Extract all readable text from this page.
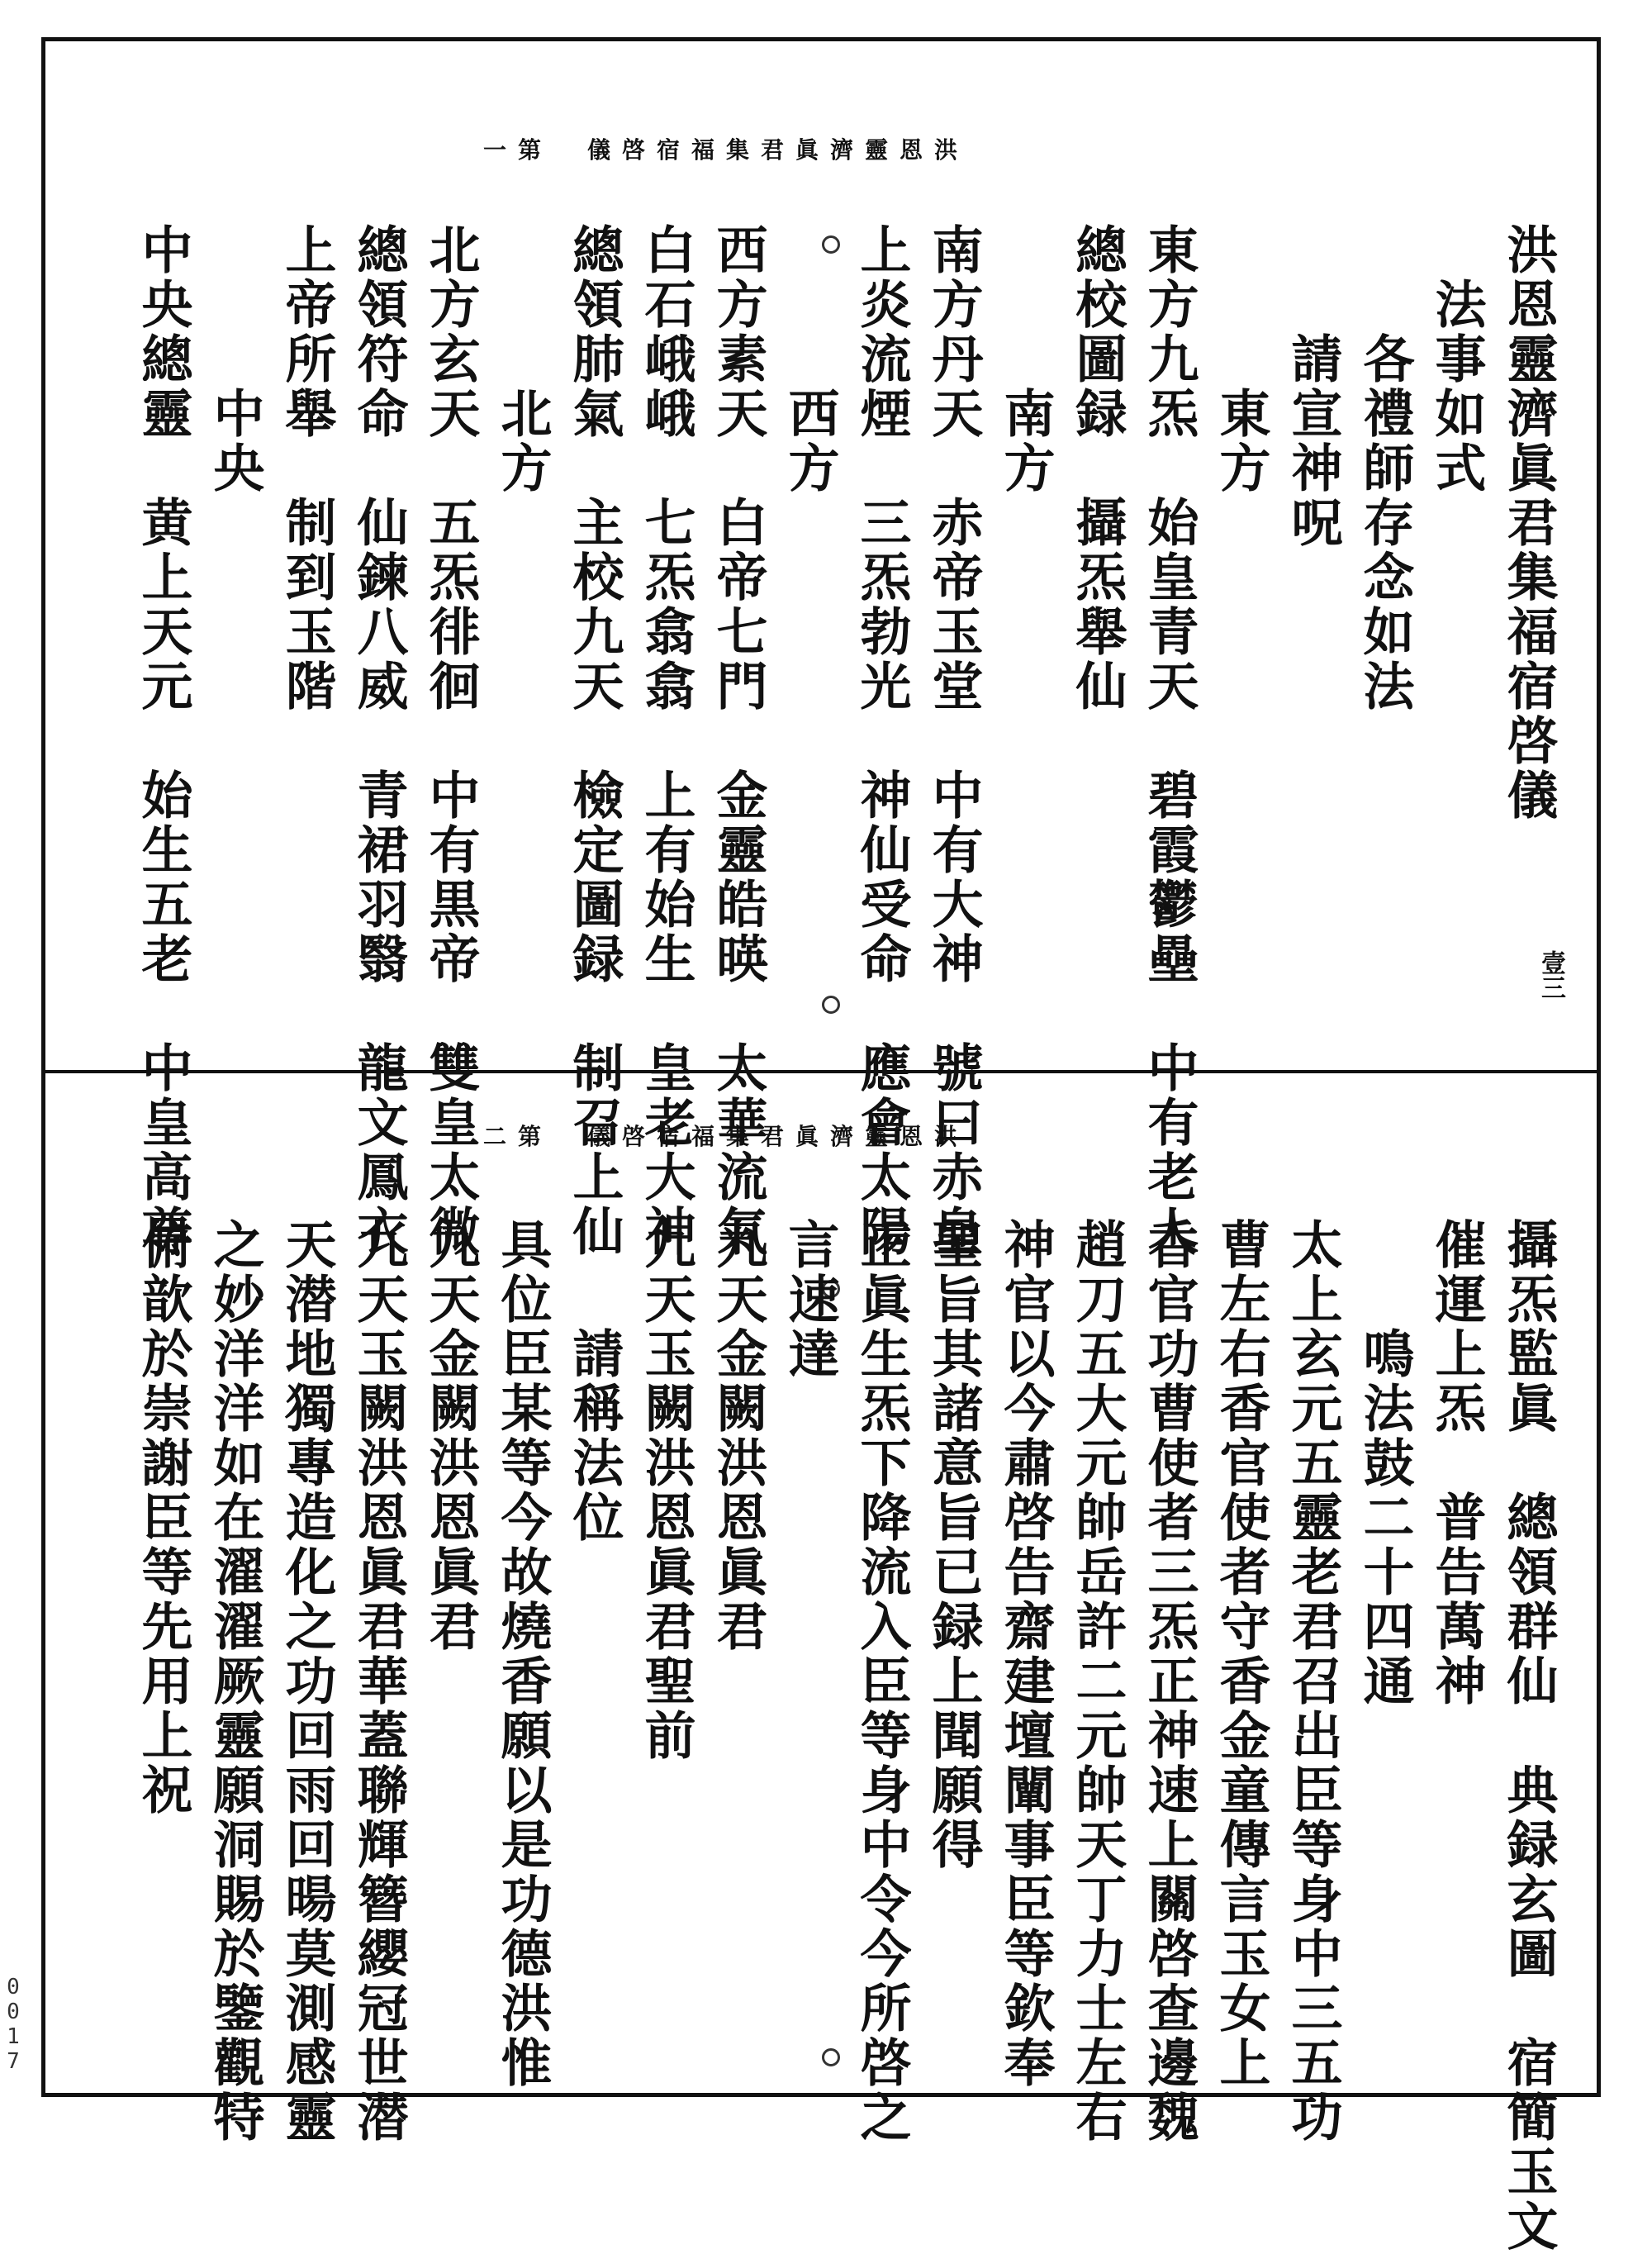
洪恩靈濟眞君集福宿啓儀　第一
壹三
洪恩靈濟眞君集福宿啓儀
　法事如式
　　各禮師存念如法
　　請宣神呪
　　　東方
東方九炁　始皇青天　碧霞鬱壘　中有老人
總校圖録　攝炁舉仙
　　　南方
南方丹天　赤帝玉堂　中有大神　號曰赤皇
上炎流煙　三炁勃光　神仙受命　應會太陽
　　　西方
西方素天　白帝七門　金靈皓暎　太華流氣
白石峨峨　七炁翕翕　上有始生　皇老大神
總領肺氣　主校九天　檢定圖録　制召上仙
　　　北方
北方玄天　五炁徘徊　中有黒帝　雙皇太微
總領符命　仙鍊八威　青裙羽翳　龍文鳳衣
上帝所舉　制到玉階
　　　中央
中央總靈　黄上天元　始生五老　中皇高尊	洪恩靈濟眞君集福宿啓儀　第二
攝炁監眞　總領群仙　典録玄圖　宿簡玉文
催運上炁　普告萬神
　　鳴法鼓二十四通
太上玄元五靈老君召出臣等身中三五功
曹左右香官使者守香金童傳言玉女上
香官功曹使者三炁正神速上關啓查邊魏
趙刀五大元帥岳許二元帥天丁力士左右
神官以今肅啓告齋建壇闡事臣等欽奉
聖旨其諸意旨已録上聞願得
正眞生炁下降流入臣等身中令今所啓之
言速達
九天金闕洪恩眞君
九天玉闕洪恩眞君聖前
　　請稱法位
具位臣某等今故燒香願以是功德洪惟
九天金闕洪恩眞君
九天玉闕洪恩眞君華蓋聯輝簪纓冠世潜
天潜地獨專造化之功回雨回暘莫測感靈
之妙洋洋如在濯濯厥靈願洞賜於鑒觀特
俯歆於崇謝臣等先用上祝
0017
